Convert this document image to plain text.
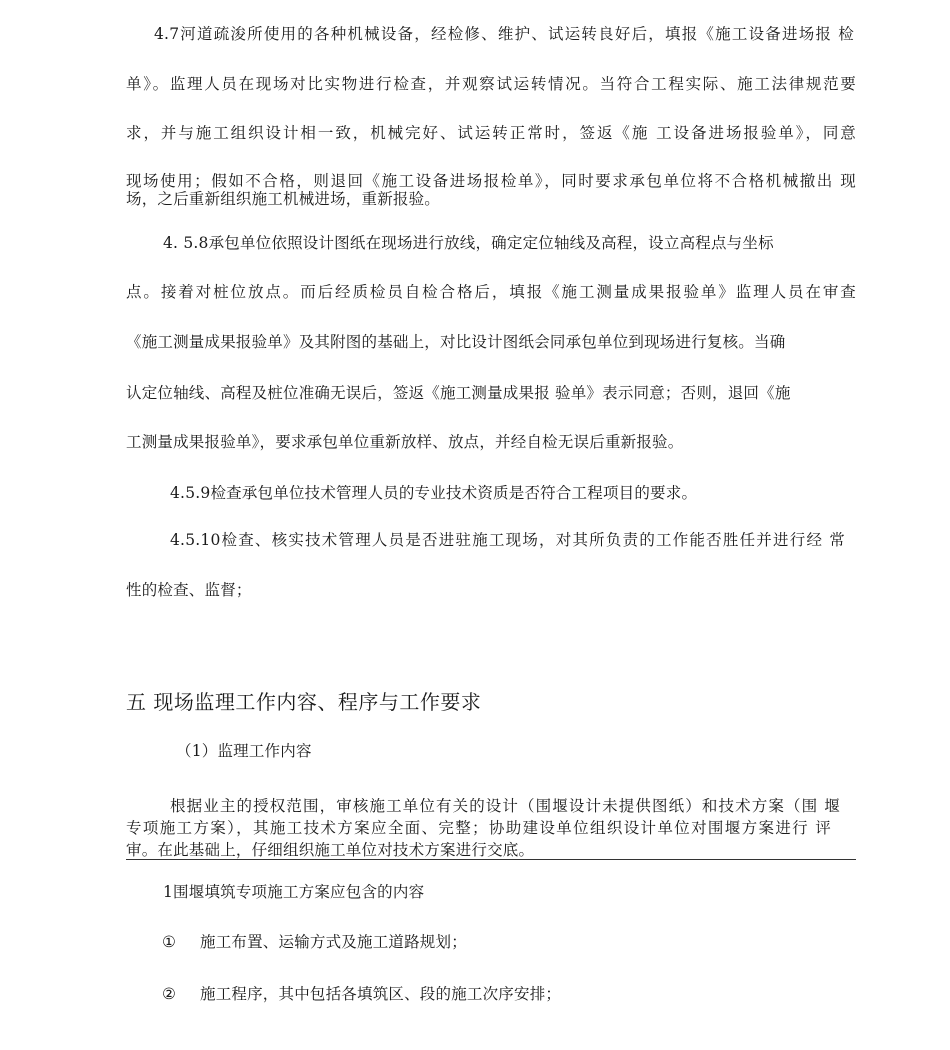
4.7河道疏浚所使用的各种机械设备，经检修、维护、试运转良好后，填报《施工设备进场报 检
单》。监理人员在现场对比实物进行检查，并观察试运转情况。当符合工程实际、施工法律规范要
求，并与施工组织设计相一致，机械完好、试运转正常时，签返《施 工设备进场报验单》，同意
现场使用；假如不合格，则退回《施工设备进场报检单》，同时要求承包单位将不合格机械撤出 现
场，之后重新组织施工机械进场，重新报验。
4. 5.8承包单位依照设计图纸在现场进行放线，确定定位轴线及高程，设立高程点与坐标
点。接着对桩位放点。而后经质检员自检合格后，填报《施工测量成果报验单》监理人员在审查
《施工测量成果报验单》及其附图的基础上，对比设计图纸会同承包单位到现场进行复核。当确
认定位轴线、高程及桩位准确无误后，签返《施工测量成果报 验单》表示同意；否则，退回《施
工测量成果报验单》，要求承包单位重新放样、放点，并经自检无误后重新报验。
4.5.9检查承包单位技术管理人员的专业技术资质是否符合工程项目的要求。
4.5.10检查、核实技术管理人员是否进驻施工现场，对其所负责的工作能否胜任并进行经 常
性的检查、监督；
五 现场监理工作内容、程序与工作要求
（1）监理工作内容
根据业主的授权范围，审核施工单位有关的设计（围堰设计未提供图纸）和技术方案（围 堰
专项施工方案），其施工技术方案应全面、完整；协助建设单位组织设计单位对围堰方案进行 评
审。在此基础上，仔细组织施工单位对技术方案进行交底。
1围堰填筑专项施工方案应包含的内容
①	施工布置、运输方式及施工道路规划；
②	施工程序，其中包括各填筑区、段的施工次序安排；
